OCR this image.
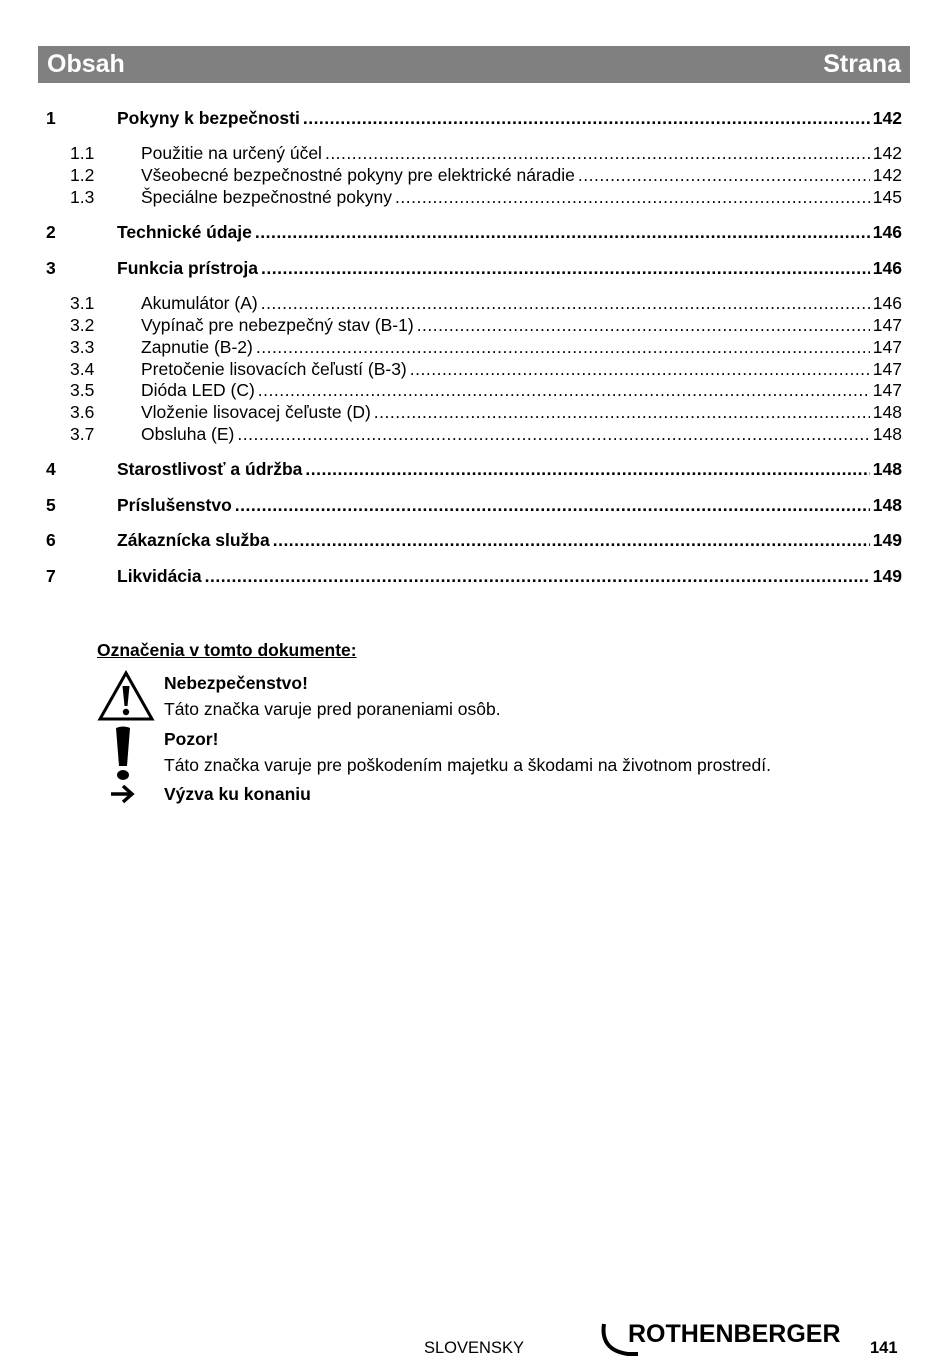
Obsah	Strana
1	Pokyny k bezpečnosti .....	142
1.1	Použitie na určený účel .....	142
1.2	Všeobecné bezpečnostné pokyny pre elektrické náradie .....	142
1.3	Špeciálne bezpečnostné pokyny .....	145
2	Technické údaje .....	146
3	Funkcia prístroja .....	146
3.1	Akumulátor (A) .....	146
3.2	Vypínač pre nebezpečný stav (B-1) .....	147
3.3	Zapnutie (B-2) .....	147
3.4	Pretočenie lisovacích čeľustí (B-3) .....	147
3.5	Dióda LED (C) .....	147
3.6	Vloženie lisovacej čeľuste (D) .....	148
3.7	Obsluha (E) .....	148
4	Starostlivosť a údržba .....	148
5	Príslušenstvo .....	148
6	Zákaznícka služba .....	149
7	Likvidácia .....	149
Označenia v tomto dokumente:
Nebezpečenstvo!
Táto značka varuje pred poraneniami osôb.
Pozor!
Táto značka varuje pre poškodením majetku a škodami na životnom prostredí.
Výzva ku konaniu
SLOVENSKY	ROTHENBERGER 141
